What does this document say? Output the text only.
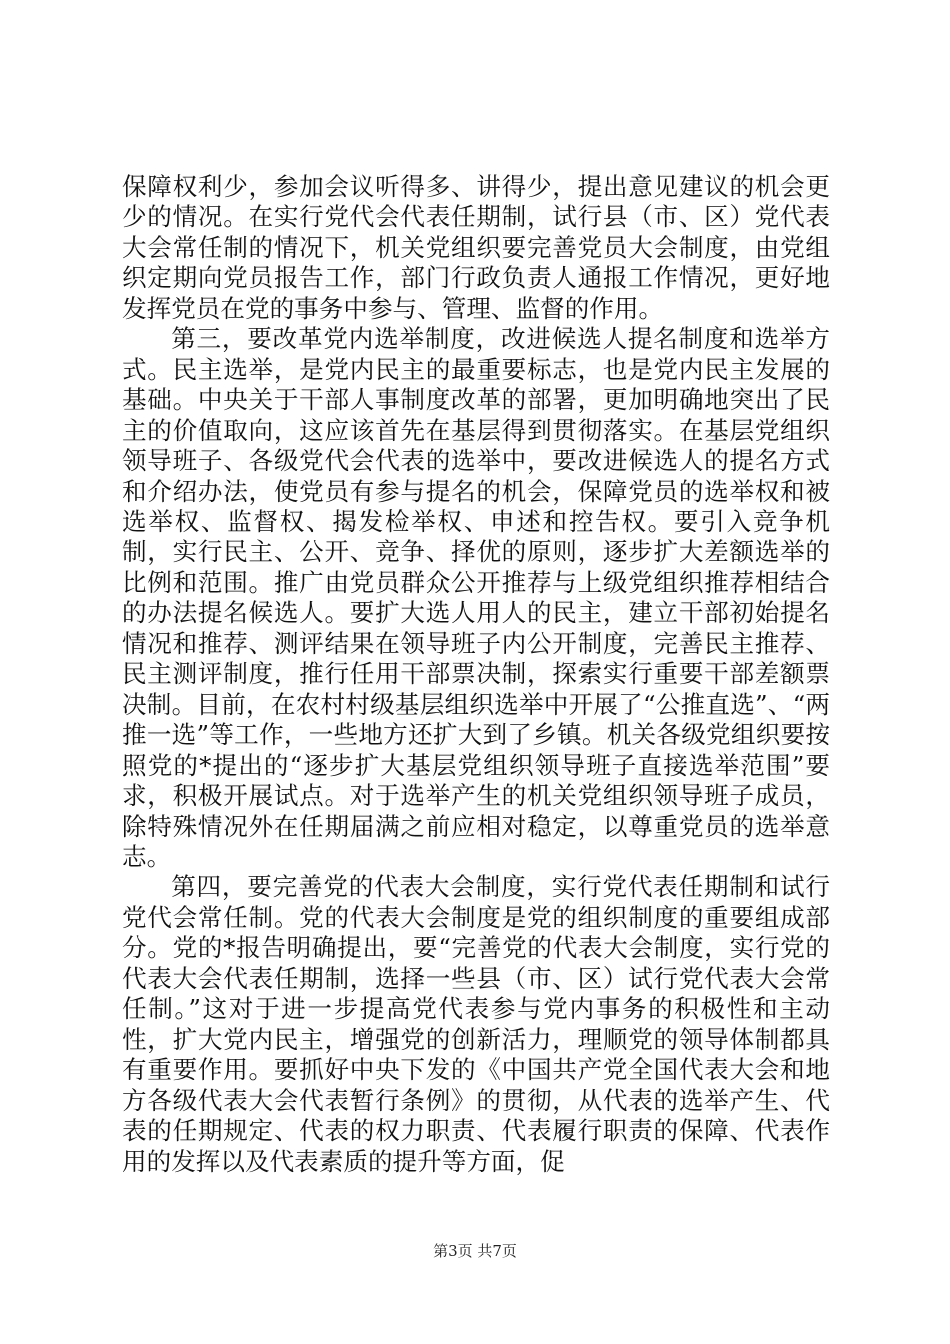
保障权利少，参加会议听得多、讲得少，提出意见建议的机会更少的情况。在实行党代会代表任期制，试行县（市、区）党代表大会常任制的情况下，机关党组织要完善党员大会制度，由党组织定期向党员报告工作，部门行政负责人通报工作情况，更好地发挥党员在党的事务中参与、管理、监督的作用。

第三，要改革党内选举制度，改进候选人提名制度和选举方式。民主选举，是党内民主的最重要标志，也是党内民主发展的基础。中央关于干部人事制度改革的部署，更加明确地突出了民主的价值取向，这应该首先在基层得到贯彻落实。在基层党组织领导班子、各级党代会代表的选举中，要改进候选人的提名方式和介绍办法，使党员有参与提名的机会，保障党员的选举权和被选举权、监督权、揭发检举权、申述和控告权。要引入竞争机制，实行民主、公开、竞争、择优的原则，逐步扩大差额选举的比例和范围。推广由党员群众公开推荐与上级党组织推荐相结合的办法提名候选人。要扩大选人用人的民主，建立干部初始提名情况和推荐、测评结果在领导班子内公开制度，完善民主推荐、民主测评制度，推行任用干部票决制，探索实行重要干部差额票决制。目前，在农村村级基层组织选举中开展了“公推直选”、“两推一选”等工作，一些地方还扩大到了乡镇。机关各级党组织要按照党的*提出的“逐步扩大基层党组织领导班子直接选举范围”要求，积极开展试点。对于选举产生的机关党组织领导班子成员，除特殊情况外在任期届满之前应相对稳定，以尊重党员的选举意志。

第四，要完善党的代表大会制度，实行党代表任期制和试行党代会常任制。党的代表大会制度是党的组织制度的重要组成部分。党的*报告明确提出，要“完善党的代表大会制度，实行党的代表大会代表任期制，选择一些县（市、区）试行党代表大会常任制。”这对于进一步提高党代表参与党内事务的积极性和主动性，扩大党内民主，增强党的创新活力，理顺党的领导体制都具有重要作用。要抓好中央下发的《中国共产党全国代表大会和地方各级代表大会代表暂行条例》的贯彻，从代表的选举产生、代表的任期规定、代表的权力职责、代表履行职责的保障、代表作用的发挥以及代表素质的提升等方面，促

第3页 共7页
